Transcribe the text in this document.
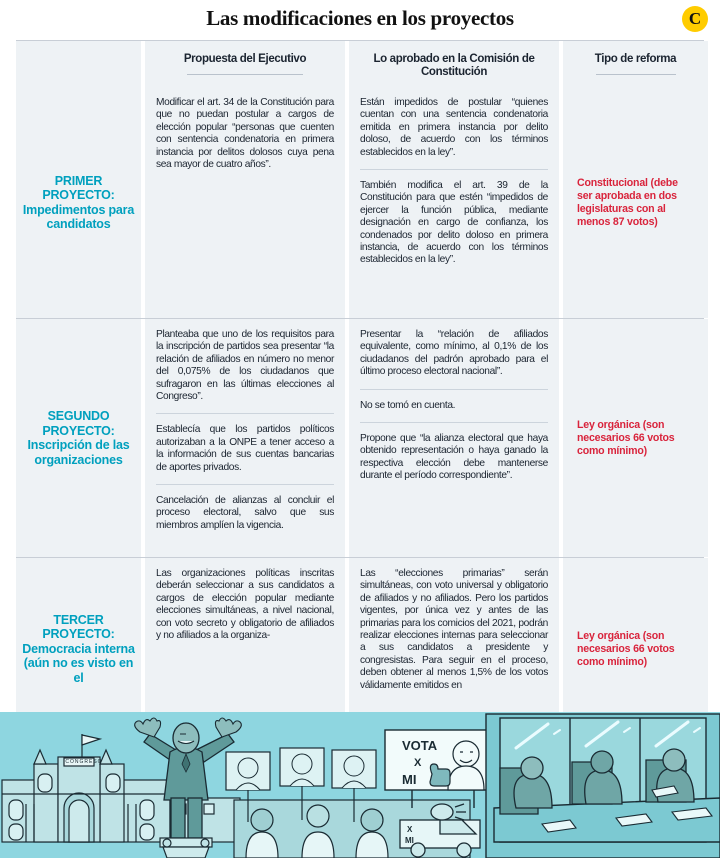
Las modificaciones en los proyectos	C
Propuesta del Ejecutivo	Lo aprobado en la Comisión de Constitución
Tipo de reforma
PRIMER PROYECTO:
Impedimentos para candidatos

Modificar el art. 34 de la Constitución para que no puedan postular a cargos de elección popular “personas que cuenten con sentencia condenatoria en primera instancia por delitos dolosos cuya pena sea mayor de cuatro años”.

Están impedidos de postular “quienes cuentan con una sentencia condenatoria emitida en primera instancia por delito doloso, de acuerdo con los términos establecidos en la ley”.

También modifica el art. 39 de la Constitución para que estén “impedidos de ejercer la función pública, mediante designación en cargo de confianza, los condenados por delito doloso en primera instancia, de acuerdo con los términos establecidos en la ley”.

Constitucional (debe ser aprobada en dos legislaturas con al menos 87 votos)
SEGUNDO PROYECTO:
Inscripción de las organizaciones

Planteaba que uno de los requisitos para la inscripción de partidos sea presentar “la relación de afiliados en número no menor del 0,075% de los ciudadanos que sufragaron en las últimas elecciones al Congreso”.

Establecía que los partidos políticos autorizaban a la ONPE a tener acceso a la información de sus cuentas bancarias de aportes privados.

Cancelación de alianzas al concluir el proceso electoral, salvo que sus miembros amplíen la vigencia.

Presentar la “relación de afiliados equivalente, como mínimo, al 0,1% de los ciudadanos del padrón aprobado para el último proceso electoral nacional”.

No se tomó en cuenta.

Propone que “la alianza electoral que haya obtenido representación o haya ganado la respectiva elección debe mantenerse durante el período correspondiente”.

Ley orgánica (son necesarios 66 votos como mínimo)
TERCER PROYECTO:
Democracia interna (aún no es visto en el

Las organizaciones políticas inscritas deberán seleccionar a sus candidatos a cargos de elección popular mediante elecciones simultáneas, a nivel nacional, con voto secreto y obligatorio de afiliados y no afiliados a la organiza-

Las “elecciones primarias” serán simultáneas, con voto universal y obligatorio de afiliados y no afiliados. Pero los partidos vigentes, por única vez y antes de las primarias para los comicios del 2021, podrán realizar elecciones internas para seleccionar a sus candidatos a presidente y congresistas. Para seguir en el proceso, deben obtener al menos 1,5% de los votos válidamente emitidos en

Ley orgánica (son necesarios 66 votos como mínimo)
CONGRESO
VOTA
X
MI
X
MI
